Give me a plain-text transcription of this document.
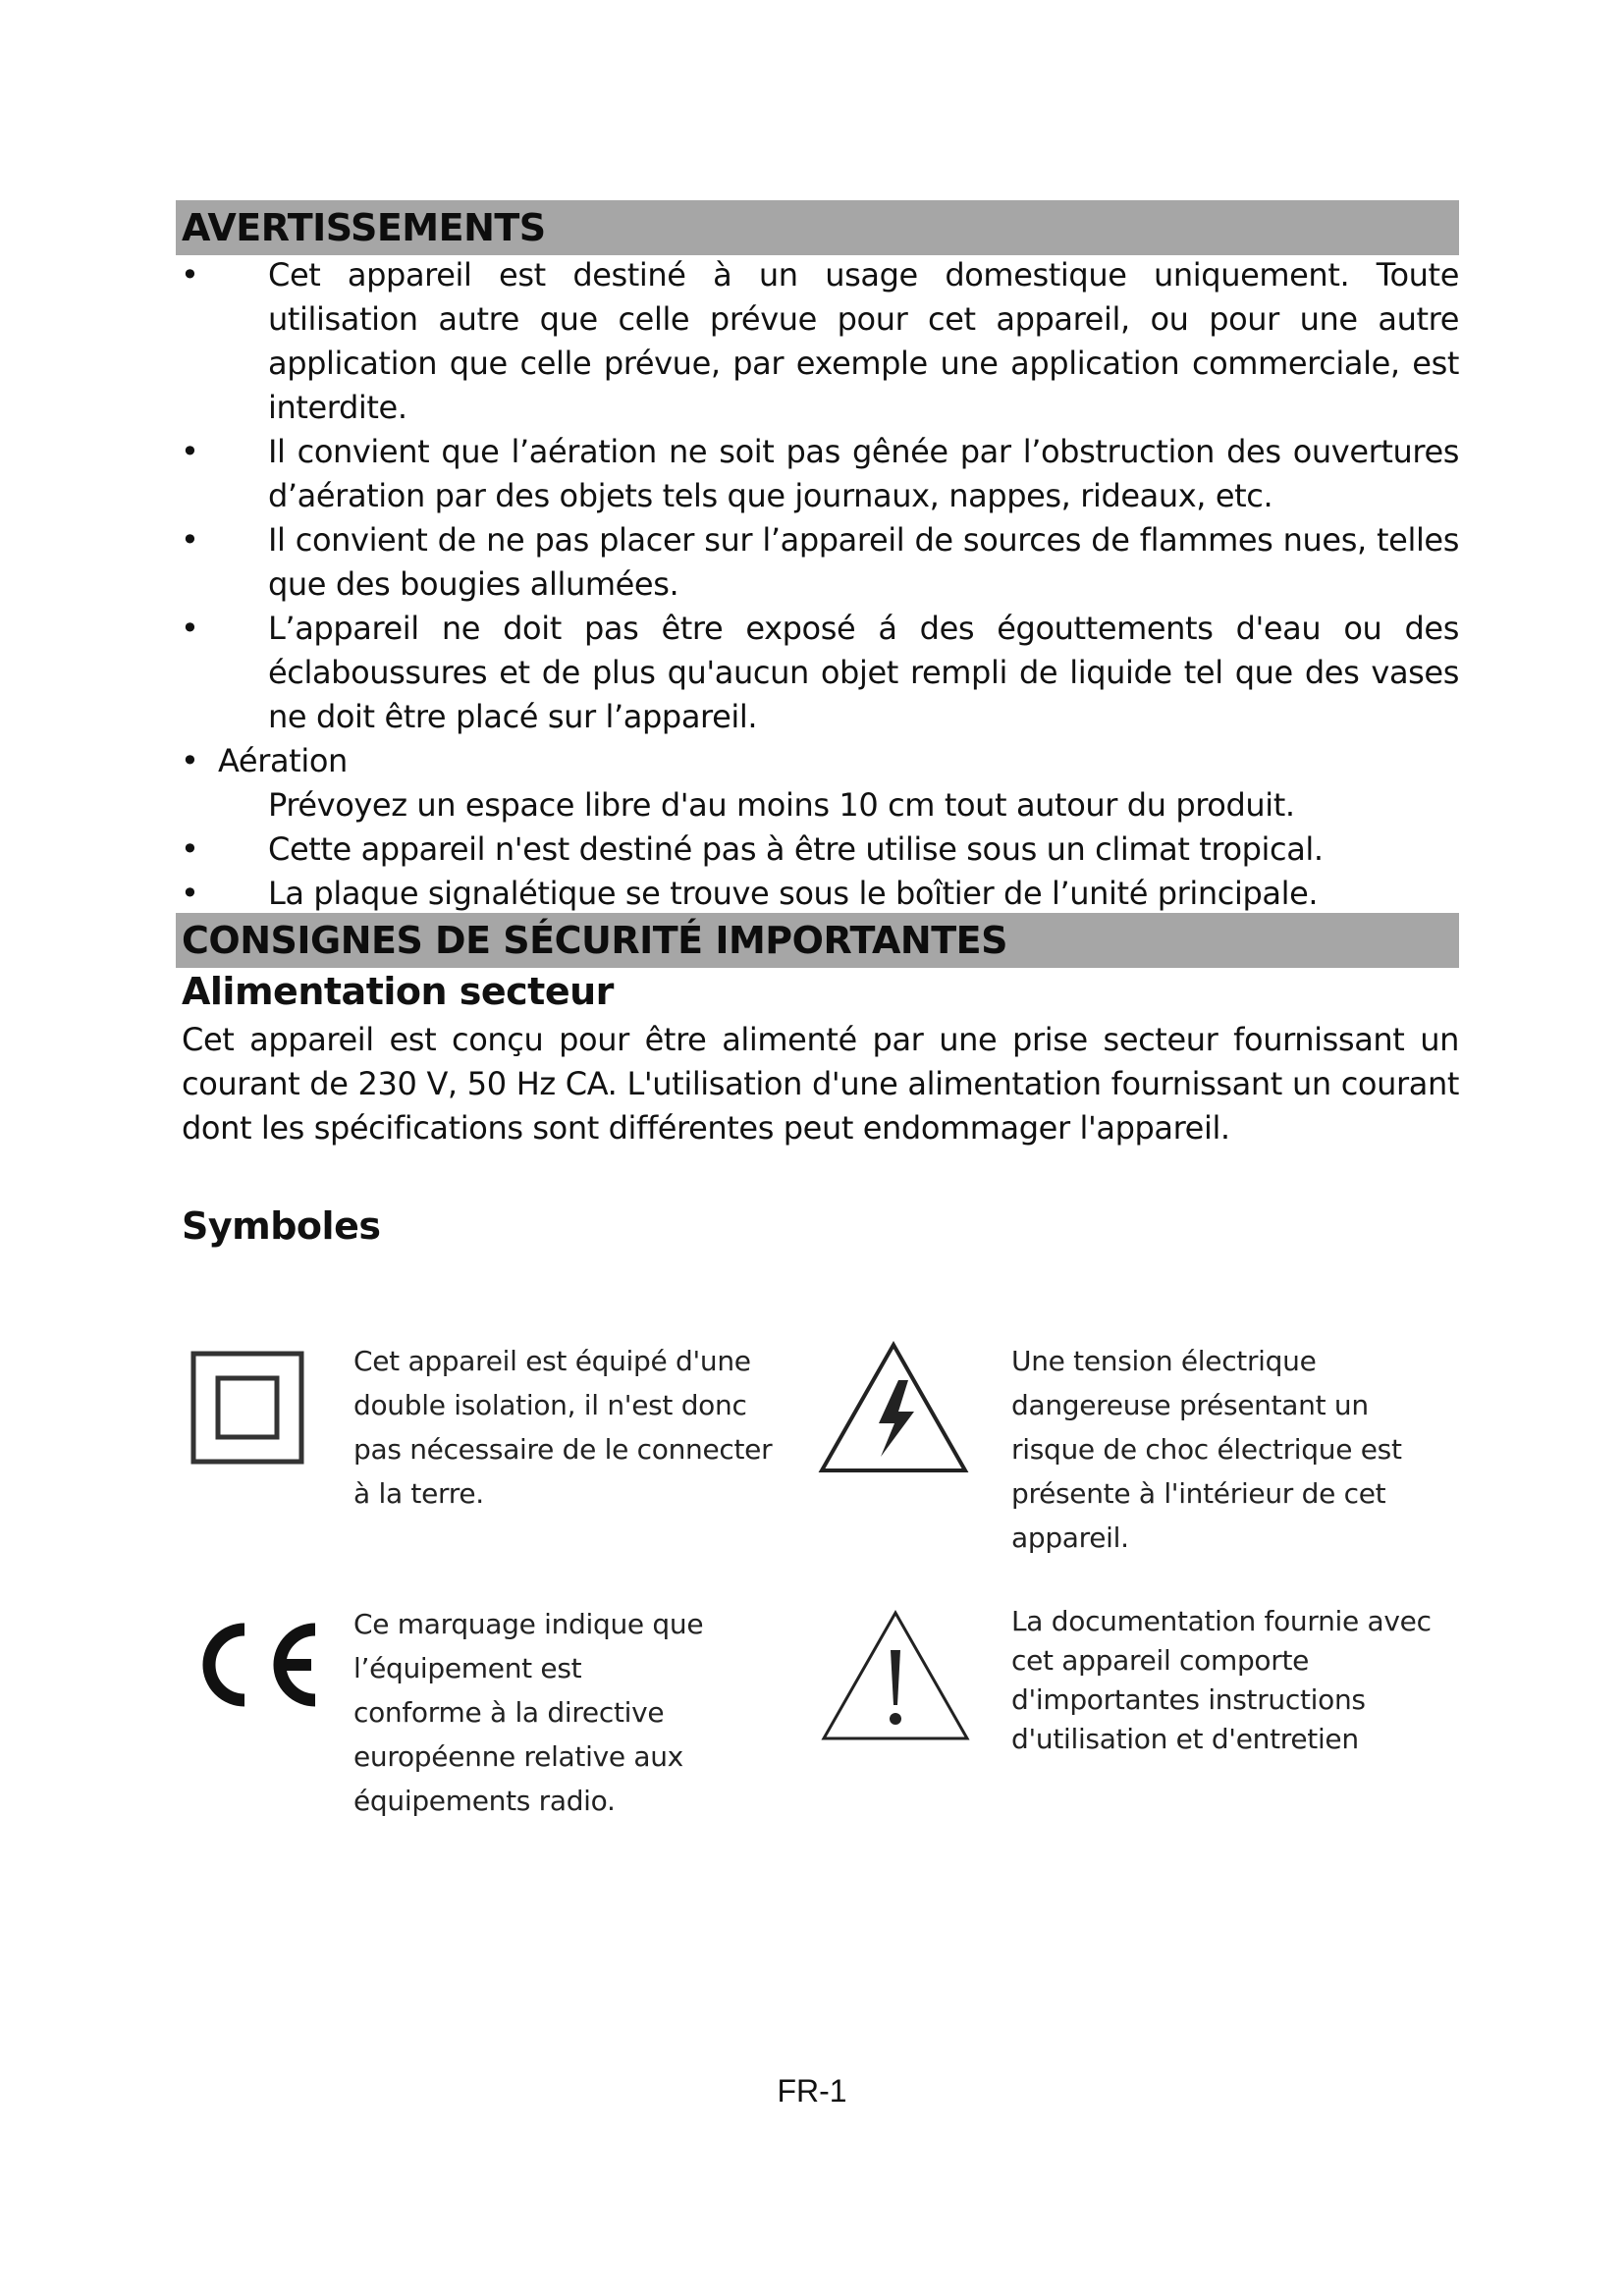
AVERTISSEMENTS
• Cet appareil est destiné à un usage domestique uniquement. Toute utilisation autre que celle prévue pour cet appareil, ou pour une autre application que celle prévue, par exemple une application commerciale, est interdite.
• Il convient que l’aération ne soit pas gênée par l’obstruction des ouvertures d’aération par des objets tels que journaux, nappes, rideaux, etc.
• Il convient de ne pas placer sur l’appareil de sources de flammes nues, telles que des bougies allumées.
• L’appareil ne doit pas être exposé á des égouttements d'eau ou des éclaboussures et de plus qu'aucun objet rempli de liquide tel que des vases ne doit être placé sur l’appareil.
• Aération
Prévoyez un espace libre d'au moins 10 cm tout autour du produit.
• Cette appareil n'est destiné pas à être utilise sous un climat tropical.
• La plaque signalétique se trouve sous le boîtier de l’unité principale.
CONSIGNES DE SÉCURITÉ IMPORTANTES
Alimentation secteur
Cet appareil est conçu pour être alimenté par une prise secteur fournissant un courant de 230 V, 50 Hz CA. L'utilisation d'une alimentation fournissant un courant dont les spécifications sont différentes peut endommager l'appareil.
Symboles
Cet appareil est équipé d'une
double isolation, il n'est donc
pas nécessaire de le connecter
à la terre.
Une tension électrique
dangereuse présentant un
risque de choc électrique est
présente à l'intérieur de cet
appareil.
Ce marquage indique que
l’équipement est
conforme à la directive
européenne relative aux
équipements radio.
La documentation fournie avec
cet appareil comporte
d'importantes instructions
d'utilisation et d'entretien
FR-1
